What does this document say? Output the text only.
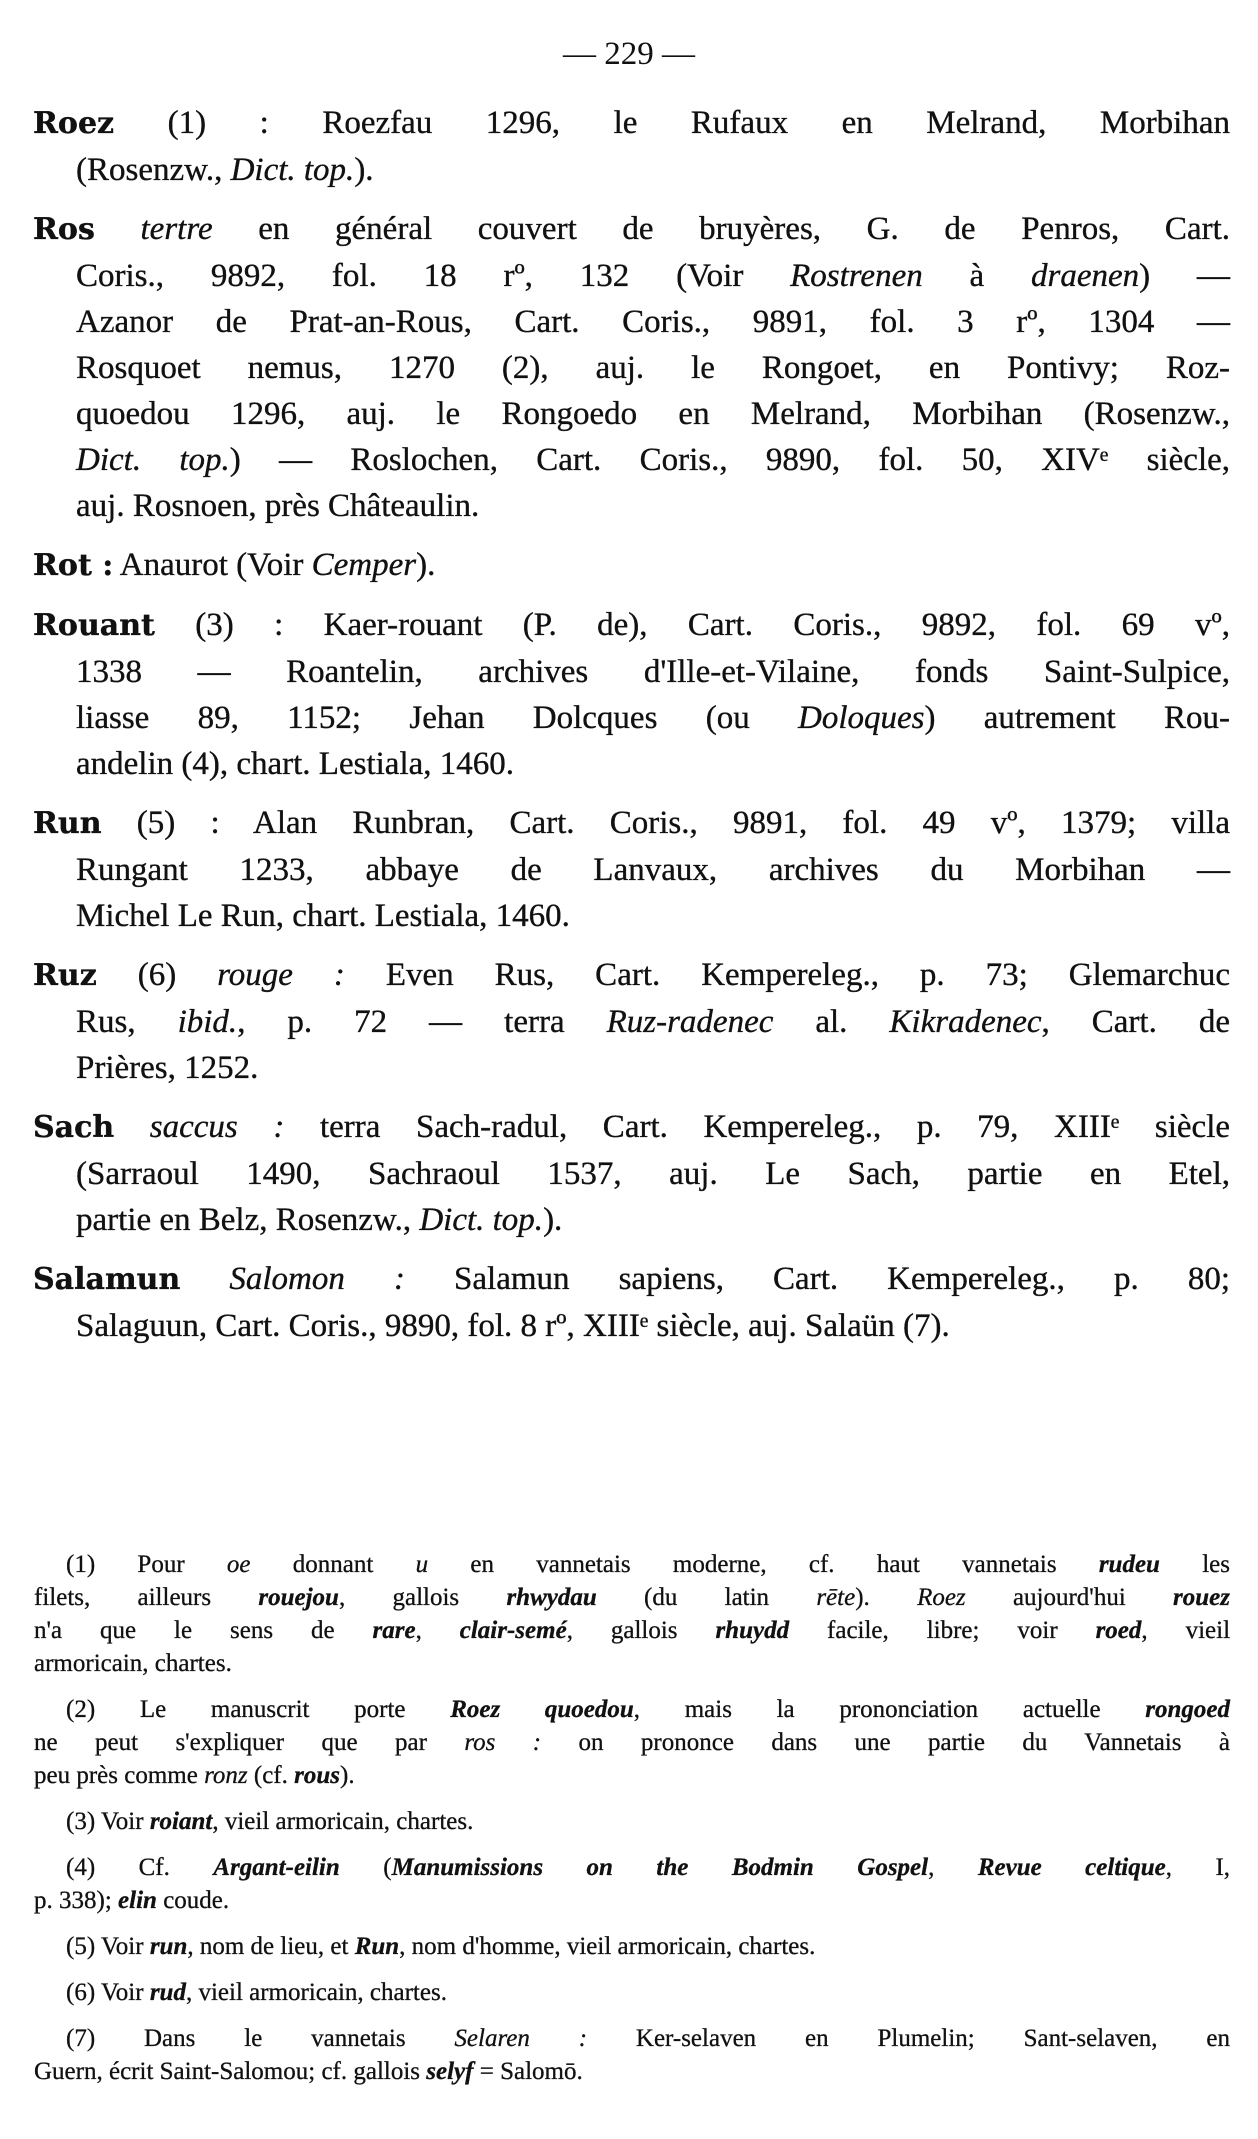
— 229 —
Roez (1) : Roezfau 1296, le Rufaux en Melrand, Morbihan
(Rosenzw., Dict. top.).
Ros tertre en général couvert de bruyères, G. de Penros, Cart.
Coris., 9892, fol. 18 rº, 132 (Voir Rostrenen à draenen) —
Azanor de Prat-an-Rous, Cart. Coris., 9891, fol. 3 rº, 1304 —
Rosquoet nemus, 1270 (2), auj. le Rongoet, en Pontivy; Roz-
quoedou 1296, auj. le Rongoedo en Melrand, Morbihan (Rosenzw.,
Dict. top.) — Roslochen, Cart. Coris., 9890, fol. 50, XIVᵉ siècle,
auj. Rosnoen, près Châteaulin.
Rot : Anaurot (Voir Cemper).
Rouant (3) : Kaer-rouant (P. de), Cart. Coris., 9892, fol. 69 vº,
1338 — Roantelin, archives d'Ille-et-Vilaine, fonds Saint-Sulpice,
liasse 89, 1152; Jehan Dolcques (ou Doloques) autrement Rou-
andelin (4), chart. Lestiala, 1460.
Run (5) : Alan Runbran, Cart. Coris., 9891, fol. 49 vº, 1379; villa
Rungant 1233, abbaye de Lanvaux, archives du Morbihan —
Michel Le Run, chart. Lestiala, 1460.
Ruz (6) rouge : Even Rus, Cart. Kempereleg., p. 73; Glemarchuc
Rus, ibid., p. 72 — terra Ruz-radenec al. Kikradenec, Cart. de
Prières, 1252.
Sach saccus : terra Sach-radul, Cart. Kempereleg., p. 79, XIIIᵉ siècle
(Sarraoul 1490, Sachraoul 1537, auj. Le Sach, partie en Etel,
partie en Belz, Rosenzw., Dict. top.).
Salamun Salomon : Salamun sapiens, Cart. Kempereleg., p. 80;
Salaguun, Cart. Coris., 9890, fol. 8 rº, XIIIᵉ siècle, auj. Salaün (7).
(1) Pour oe donnant u en vannetais moderne, cf. haut vannetais rudeu les
filets, ailleurs rouejou, gallois rhwydau (du latin rēte). Roez aujourd'hui rouez
n'a que le sens de rare, clair-semé, gallois rhuydd facile, libre; voir roed, vieil
armoricain, chartes.
(2) Le manuscrit porte Roez quoedou, mais la prononciation actuelle rongoed
ne peut s'expliquer que par ros : on prononce dans une partie du Vannetais à
peu près comme ronz (cf. rous).
(3) Voir roiant, vieil armoricain, chartes.
(4) Cf. Argant-eilin (Manumissions on the Bodmin Gospel, Revue celtique, I,
p. 338); elin coude.
(5) Voir run, nom de lieu, et Run, nom d'homme, vieil armoricain, chartes.
(6) Voir rud, vieil armoricain, chartes.
(7) Dans le vannetais Selaren : Ker-selaven en Plumelin; Sant-selaven, en
Guern, écrit Saint-Salomou; cf. gallois selyf = Salomō.
